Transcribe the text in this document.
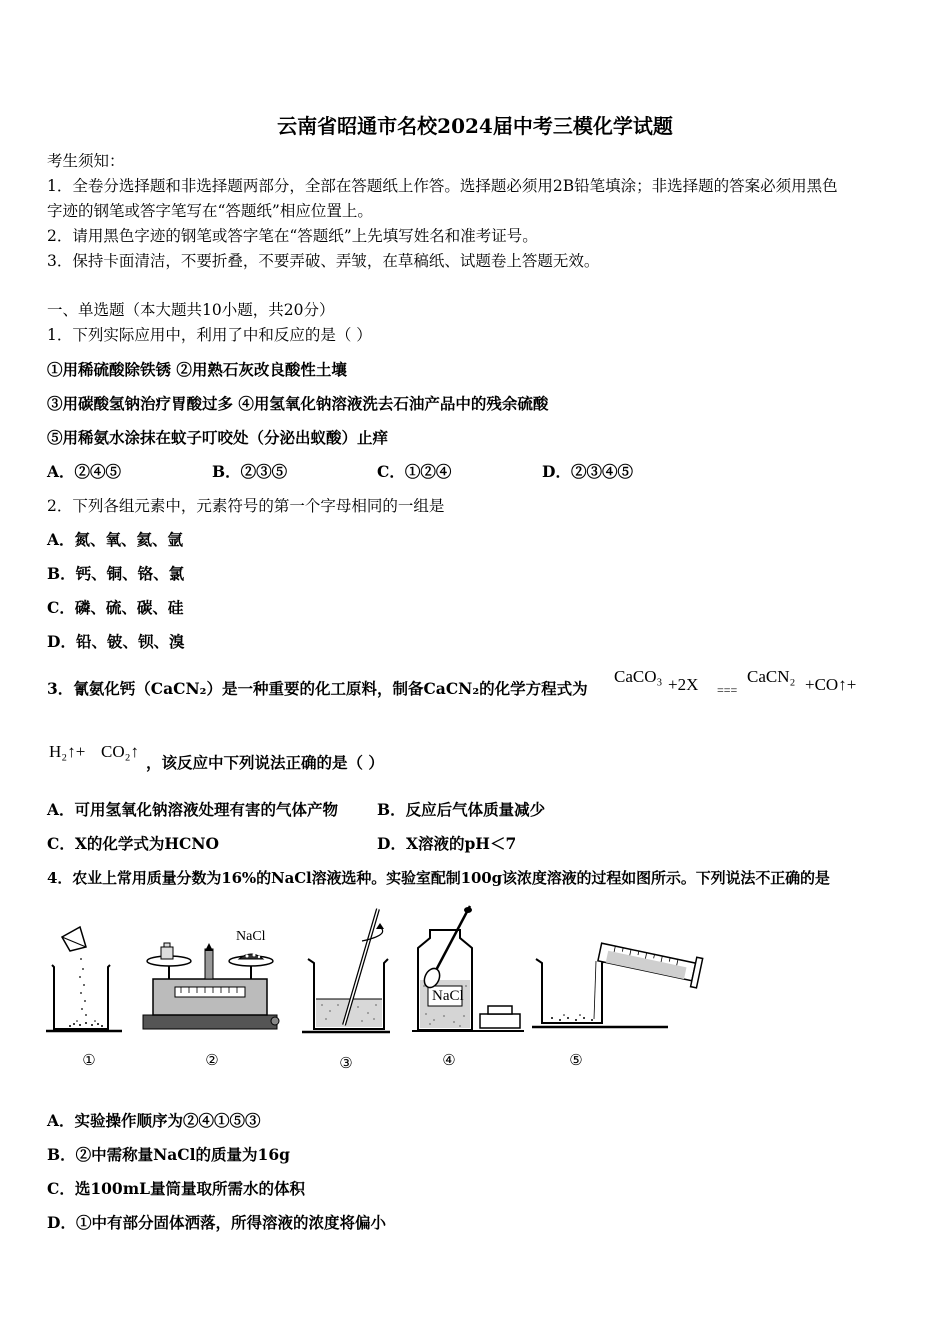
云南省昭通市名校2024届中考三模化学试题
考生须知：
1．全卷分选择题和非选择题两部分，全部在答题纸上作答。选择题必须用2B铅笔填涂；非选择题的答案必须用黑色
字迹的钢笔或答字笔写在“答题纸”相应位置上。
2．请用黑色字迹的钢笔或答字笔在“答题纸”上先填写姓名和准考证号。
3．保持卡面清洁，不要折叠，不要弄破、弄皱，在草稿纸、试题卷上答题无效。
一、单选题（本大题共10小题，共20分）
1．下列实际应用中，利用了中和反应的是（ ）
①用稀硫酸除铁锈 ②用熟石灰改良酸性土壤
③用碳酸氢钠治疗胃酸过多 ④用氢氧化钠溶液洗去石油产品中的残余硫酸
⑤用稀氨水涂抹在蚊子叮咬处（分泌出蚁酸）止痒
A．②④⑤	B．②③⑤	C．①②④	D．②③④⑤
2．下列各组元素中，元素符号的第一个字母相同的一组是
A．氮、氧、氦、氩
B．钙、铜、铬、氯
C．磷、硫、碳、硅
D．铅、铍、钡、溴
3．氰氨化钙（CaCN₂）是一种重要的化工原料，制备CaCN₂的化学方程式为
CaCO₃ +2X ===
CaCN₂ +CO↑+
H₂↑+ CO₂↑
，该反应中下列说法正确的是（ ）
A．可用氢氧化钠溶液处理有害的气体产物	B．反应后气体质量减少
C．X的化学式为HCNO	D．X溶液的pH＜7
4．农业上常用质量分数为16%的NaCl溶液选种。实验室配制100g该浓度溶液的过程如图所示。下列说法不正确的是
①
NaCl
②	③
NaCl
④	⑤
A．实验操作顺序为②④①⑤③
B．②中需称量NaCl的质量为16g
C．选100mL量筒量取所需水的体积
D．①中有部分固体洒落，所得溶液的浓度将偏小
